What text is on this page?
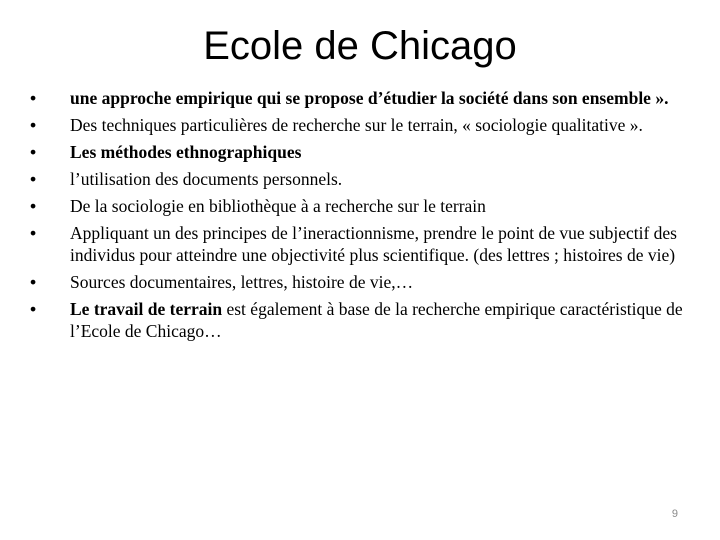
Ecole de Chicago
•	une approche empirique qui se propose d’étudier la société dans son ensemble ».
•	Des techniques particulières de recherche sur le terrain, « sociologie qualitative ».
•	Les méthodes ethnographiques
•	l’utilisation des documents personnels.
•	De la sociologie en bibliothèque à a recherche sur le terrain
•	Appliquant un des principes de l’ineractionnisme, prendre le point de vue subjectif des individus pour atteindre une objectivité plus scientifique. (des lettres ; histoires de vie)
•	Sources documentaires, lettres, histoire de vie,…
•	Le travail de terrain est également à base de la recherche empirique caractéristique de l’Ecole de Chicago…
9
